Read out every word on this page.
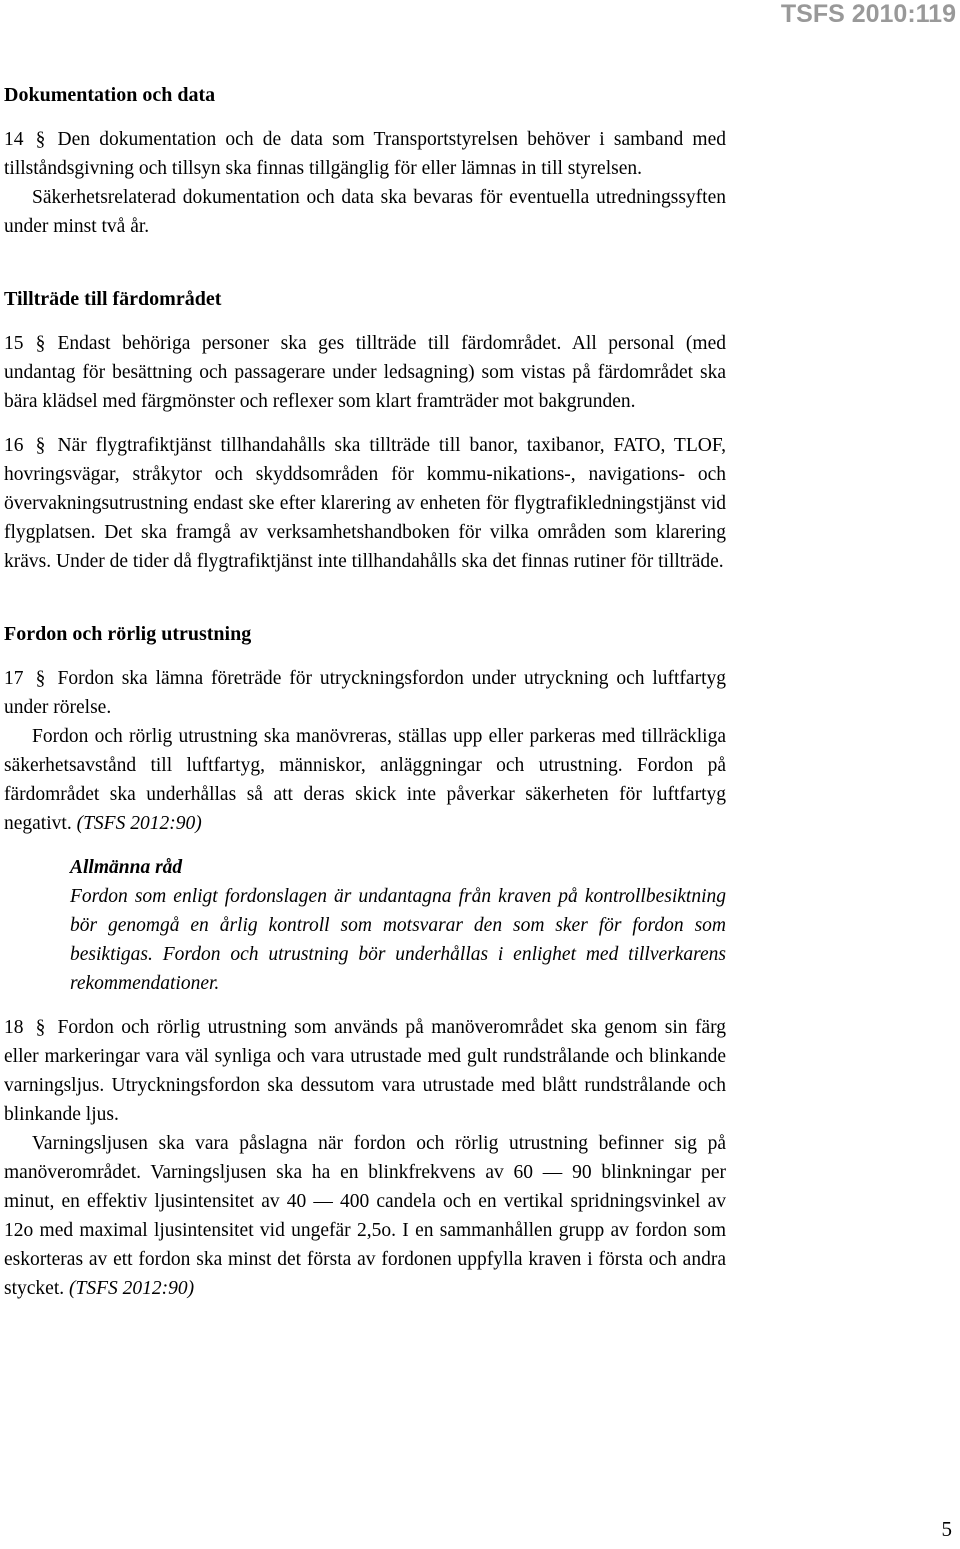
TSFS 2010:119
Dokumentation och data

14 § Den dokumentation och de data som Transportstyrelsen behöver i samband med tillståndsgivning och tillsyn ska finnas tillgänglig för eller lämnas in till styrelsen.

Säkerhetsrelaterad dokumentation och data ska bevaras för eventuella utredningssyften under minst två år.

Tillträde till färdområdet

15 § Endast behöriga personer ska ges tillträde till färdområdet. All personal (med undantag för besättning och passagerare under ledsagning) som vistas på färdområdet ska bära klädsel med färgmönster och reflexer som klart framträder mot bakgrunden.

16 § När flygtrafiktjänst tillhandahålls ska tillträde till banor, taxibanor, FATO, TLOF, hovringsvägar, stråkytor och skyddsområden för kommu-nikations-, navigations- och övervakningsutrustning endast ske efter klarering av enheten för flygtrafikledningstjänst vid flygplatsen. Det ska framgå av verksamhetshandboken för vilka områden som klarering krävs. Under de tider då flygtrafiktjänst inte tillhandahålls ska det finnas rutiner för tillträde.

Fordon och rörlig utrustning

17 § Fordon ska lämna företräde för utryckningsfordon under utryckning och luftfartyg under rörelse.

Fordon och rörlig utrustning ska manövreras, ställas upp eller parkeras med tillräckliga säkerhetsavstånd till luftfartyg, människor, anläggningar och utrustning. Fordon på färdområdet ska underhållas så att deras skick inte påverkar säkerheten för luftfartyg negativt. (TSFS 2012:90)

Allmänna råd

Fordon som enligt fordonslagen är undantagna från kraven på kontrollbesiktning bör genomgå en årlig kontroll som motsvarar den som sker för fordon som besiktigas. Fordon och utrustning bör underhållas i enlighet med tillverkarens rekommendationer.

18 § Fordon och rörlig utrustning som används på manöverområdet ska genom sin färg eller markeringar vara väl synliga och vara utrustade med gult rundstrålande och blinkande varningsljus. Utryckningsfordon ska dessutom vara utrustade med blått rundstrålande och blinkande ljus.

Varningsljusen ska vara påslagna när fordon och rörlig utrustning befinner sig på manöverområdet. Varningsljusen ska ha en blinkfrekvens av 60 — 90 blinkningar per minut, en effektiv ljusintensitet av 40 — 400 candela och en vertikal spridningsvinkel av 12o med maximal ljusintensitet vid ungefär 2,5o. I en sammanhållen grupp av fordon som eskorteras av ett fordon ska minst det första av fordonen uppfylla kraven i första och andra stycket. (TSFS 2012:90)

5
